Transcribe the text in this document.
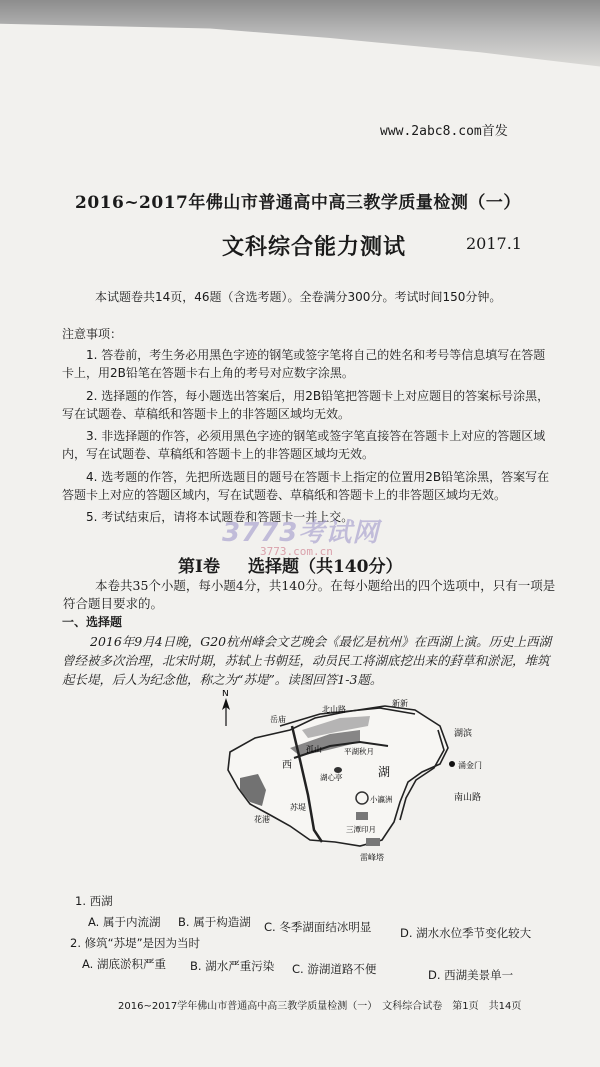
www.2abc8.com首发
2016~2017年佛山市普通高中高三教学质量检测（一）
文科综合能力测试	2017.1
本试题卷共14页，46题（含选考题）。全卷满分300分。考试时间150分钟。
注意事项：

1. 答卷前，考生务必用黑色字迹的钢笔或签字笔将自己的姓名和考号等信息填写在答题卡上，用2B铅笔在答题卡右上角的考号对应数字涂黑。

2. 选择题的作答，每小题选出答案后，用2B铅笔把答题卡上对应题目的答案标号涂黑，写在试题卷、草稿纸和答题卡上的非答题区域均无效。

3. 非选择题的作答，必须用黑色字迹的钢笔或签字笔直接答在答题卡上对应的答题区域内，写在试题卷、草稿纸和答题卡上的非答题区域均无效。

4. 选考题的作答，先把所选题目的题号在答题卡上指定的位置用2B铅笔涂黑，答案写在答题卡上对应的答题区域内，写在试题卷、草稿纸和答题卡上的非答题区域均无效。

5. 考试结束后，请将本试题卷和答题卡一并上交。

3773考试网
3773.com.cn
第Ⅰ卷 选择题（共140分）
本卷共35个小题，每小题4分，共140分。在每小题给出的四个选项中，只有一项是
符合题目要求的。
一、选择题
2016年9月4日晚，G20杭州峰会文艺晚会《最忆是杭州》在西湖上演。历史上西湖
曾经被多次治理，北宋时期，苏轼上书朝廷，动员民工将湖底挖出来的葑草和淤泥，堆筑
起长堤，后人为纪念他，称之为“苏堤”。读图回答1-3题。
N
岳庙
北山路
新新
湖滨
平湖秋月
西	湖
湖心亭
小瀛洲
三潭印月
涌金门
南山路
雷峰塔
孤山
苏堤
花港
1. 西湖
A. 属于内流湖 B. 属于构造湖 C. 冬季湖面结冰明显 D. 湖水水位季节变化较大
2. 修筑“苏堤”是因为当时
A. 湖底淤积严重 B. 湖水严重污染 C. 游湖道路不便	D. 西湖美景单一
2016~2017学年佛山市普通高中高三教学质量检测（一）　文科综合试卷　第1页　共14页
